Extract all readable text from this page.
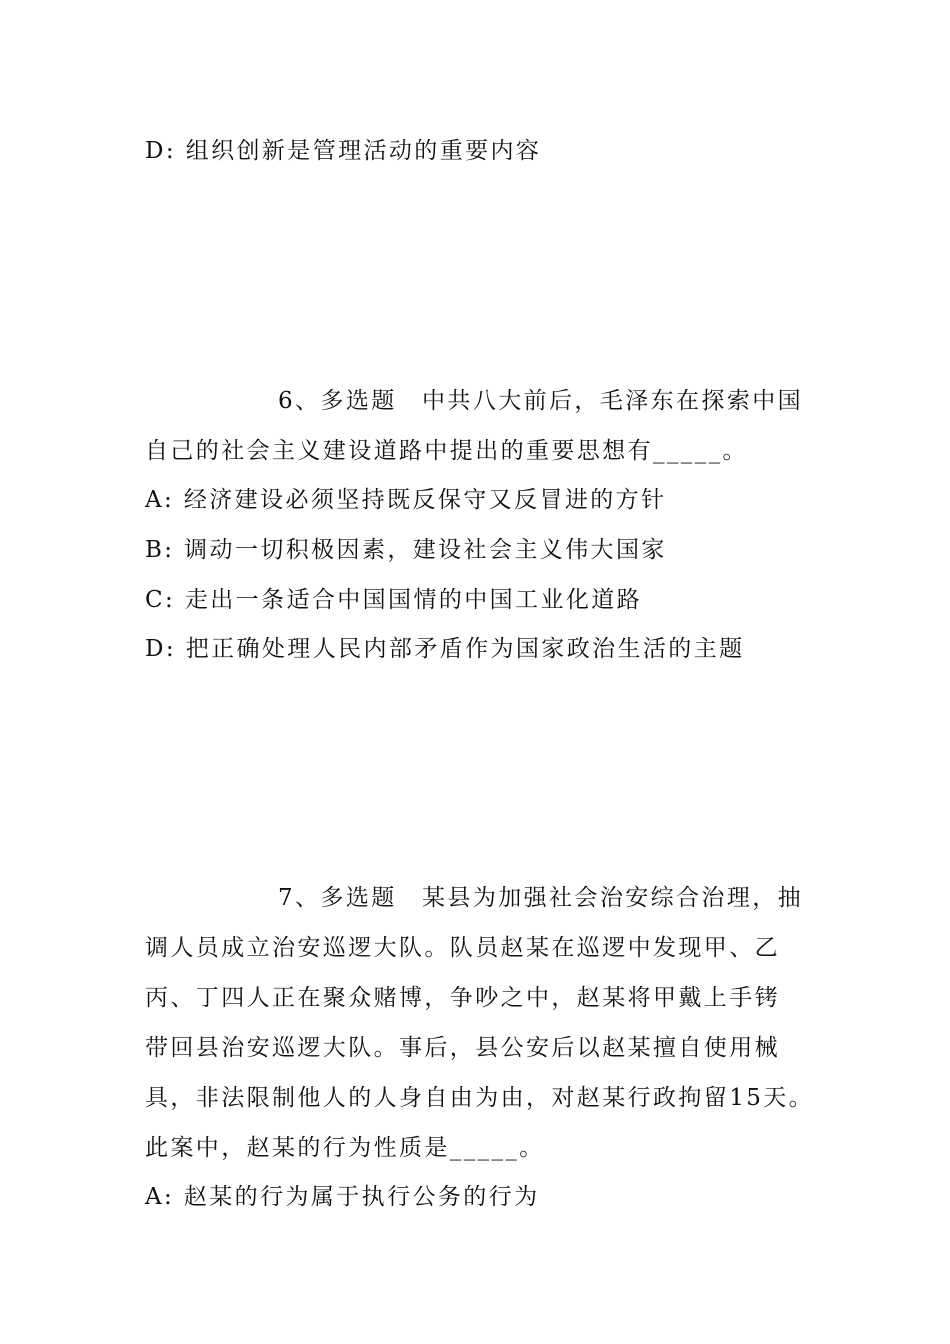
D: 组织创新是管理活动的重要内容
6、多选题　中共八大前后，毛泽东在探索中国
自己的社会主义建设道路中提出的重要思想有_____。
A: 经济建设必须坚持既反保守又反冒进的方针
B: 调动一切积极因素，建设社会主义伟大国家
C: 走出一条适合中国国情的中国工业化道路
D: 把正确处理人民内部矛盾作为国家政治生活的主题
7、多选题　某县为加强社会治安综合治理，抽
调人员成立治安巡逻大队。队员赵某在巡逻中发现甲、乙
丙、丁四人正在聚众赌博，争吵之中，赵某将甲戴上手铐
带回县治安巡逻大队。事后，县公安后以赵某擅自使用械
具，非法限制他人的人身自由为由，对赵某行政拘留15天。
此案中，赵某的行为性质是_____。
A: 赵某的行为属于执行公务的行为
